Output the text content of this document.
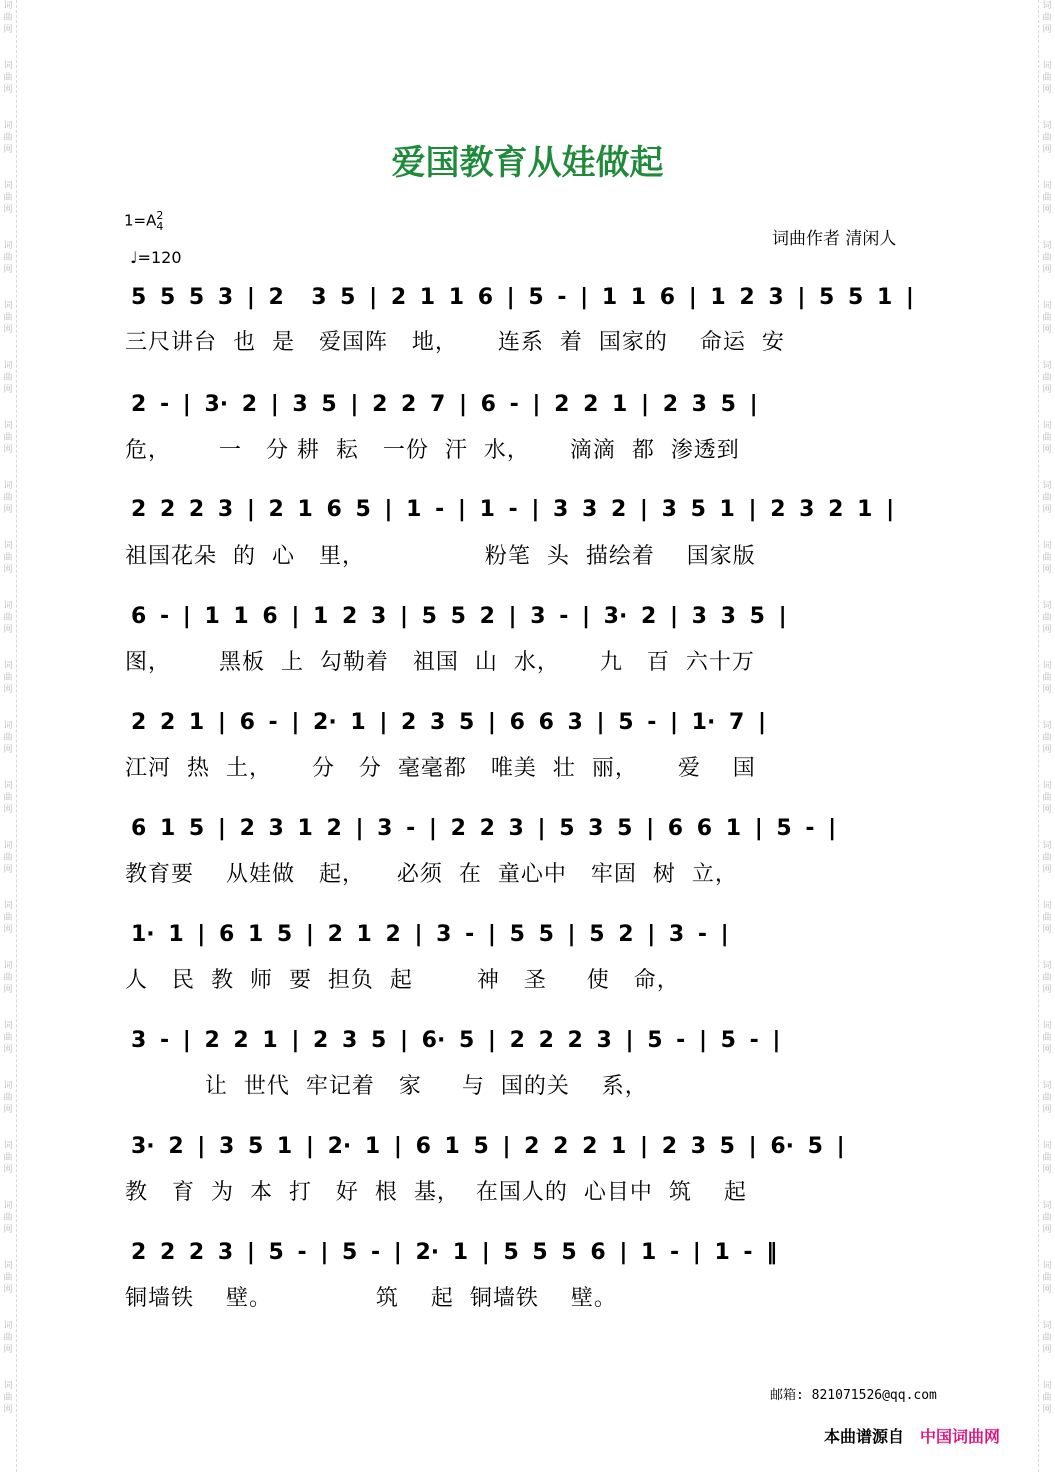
词曲网
词曲网
词曲网
词曲网
词曲网
词曲网
词曲网
词曲网
词曲网
词曲网
词曲网
词曲网
词曲网
词曲网
词曲网
词曲网
词曲网
词曲网
词曲网
词曲网
词曲网
词曲网
词曲网
词曲网
词曲网
词曲网
词曲网
词曲网
词曲网
词曲网
词曲网
词曲网
词曲网
词曲网
词曲网
词曲网
词曲网
词曲网
词曲网
词曲网
词曲网
词曲网
词曲网
词曲网
词曲网
词曲网
词曲网
词曲网
爱国教育从娃做起
1=A2
4
♩=120
词曲作者 清闲人
5 5 5 3 | 2  3 5 | 2 1 1 6 | 5 - | 1 1 6 | 1 2 3 | 5 5 1 |
三尺讲台  也  是   爱国阵   地，     连系  着  国家的    命运  安
2 - | 3· 2 | 3 5 | 2 2 7 | 6 - | 2 2 1 | 2 3 5 |
危，      一   分 耕  耘   一份  汗  水，     滴滴  都  渗透到
2 2 2 3 | 2 1 6 5 | 1 - | 1 - | 3 3 2 | 3 5 1 | 2 3 2 1 |
祖国花朵  的  心   里，               粉笔  头  描绘着    国家版
6 - | 1 1 6 | 1 2 3 | 5 5 2 | 3 - | 3· 2 | 3 3 5 |
图，      黑板  上  勾勒着   祖国  山  水，     九   百  六十万
2 2 1 | 6 - | 2· 1 | 2 3 5 | 6 6 3 | 5 - | 1· 7 |
江河  热  土，     分   分  毫毫都   唯美  壮  丽，     爱    国
6 1 5 | 2 3 1 2 | 3 - | 2 2 3 | 5 3 5 | 6 6 1 | 5 - |
教育要    从娃做   起，    必须  在  童心中   牢固  树  立，
1· 1 | 6 1 5 | 2 1 2 | 3 - | 5 5 | 5 2 | 3 - |
人   民  教  师  要  担负  起        神   圣     使   命，
3 - | 2 2 1 | 2 3 5 | 6· 5 | 2 2 2 3 | 5 - | 5 - |
让  世代  牢记着   家     与  国的关    系，
3· 2 | 3 5 1 | 2· 1 | 6 1 5 | 2 2 2 1 | 2 3 5 | 6· 5 |
教   育  为  本  打   好  根  基，  在国人的  心目中  筑    起
2 2 2 3 | 5 - | 5 - | 2· 1 | 5 5 5 6 | 1 - | 1 - ‖
铜墙铁    壁。             筑    起  铜墙铁    壁。
邮箱: 821071526@qq.com
本曲谱源自 中国词曲网
